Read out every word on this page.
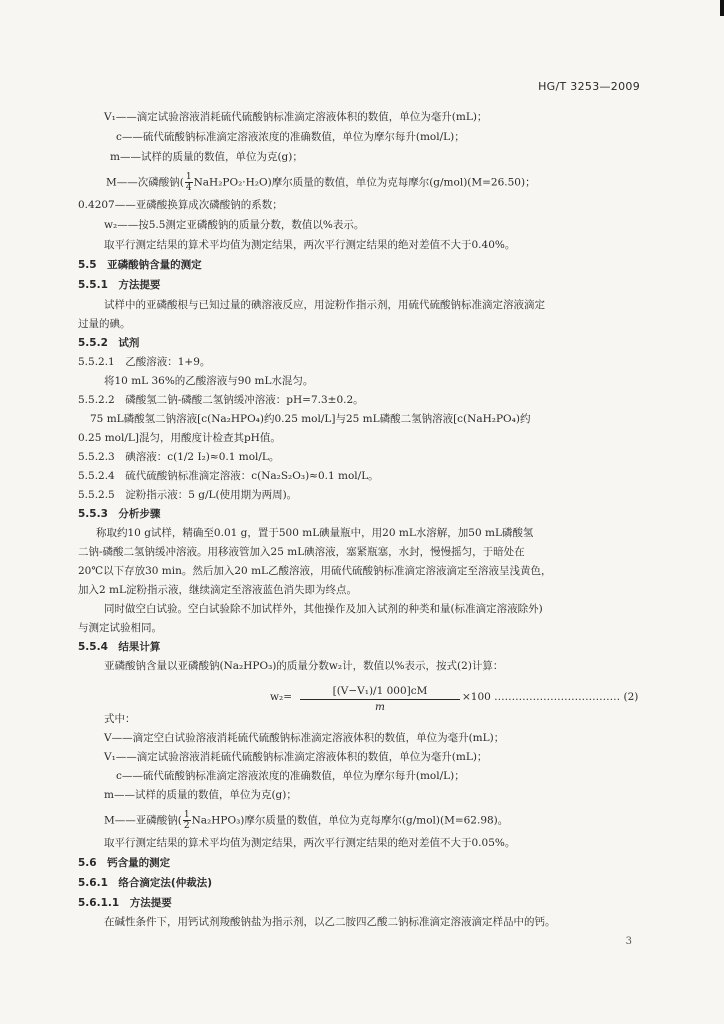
HG/T 3253—2009
V₁——滴定试验溶液消耗硫代硫酸钠标准滴定溶液体积的数值，单位为毫升(mL)；
c——硫代硫酸钠标准滴定溶液浓度的准确数值，单位为摩尔每升(mol/L)；
m——试样的质量的数值，单位为克(g)；
M——次磷酸钠( $\frac{1}{4} NaH_2PO_2\cdot H_2O$)摩尔质量的数值，单位为克每摩尔(g/mol)(M=26.50)；
0.4207——亚磷酸换算成次磷酸钠的系数；
w₂——按5.5测定亚磷酸钠的质量分数，数值以%表示。
取平行测定结果的算术平均值为测定结果，两次平行测定结果的绝对差值不大于0.40%。
5.5　亚磷酸钠含量的测定
5.5.1　方法提要
试样中的亚磷酸根与已知过量的碘溶液反应，用淀粉作指示剂，用硫代硫酸钠标准滴定溶液滴定
过量的碘。
5.5.2　试剂
5.5.2.1　乙酸溶液：1+9。
将10 mL 36%的乙酸溶液与90 mL水混匀。
5.5.2.2　磷酸氢二钠-磷酸二氢钠缓冲溶液：pH=7.3±0.2。
75 mL磷酸氢二钠溶液[c(Na₂HPO₄)约0.25 mol/L]与25 mL磷酸二氢钠溶液[c(NaH₂PO₄)约
0.25 mol/L]混匀，用酸度计检查其pH值。
5.5.2.3　碘溶液：c(1/2 I₂)≈0.1 mol/L。
5.5.2.4　硫代硫酸钠标准滴定溶液：c(Na₂S₂O₃)≈0.1 mol/L。
5.5.2.5　淀粉指示液：5 g/L(使用期为两周)。
5.5.3　分析步骤
称取约10 g试样，精确至0.01 g，置于500 mL碘量瓶中，用20 mL水溶解，加50 mL磷酸氢
二钠-磷酸二氢钠缓冲溶液。用移液管加入25 mL碘溶液，塞紧瓶塞，水封，慢慢摇匀，于暗处在
20℃以下存放30 min。然后加入20 mL乙酸溶液，用硫代硫酸钠标准滴定溶液滴定至溶液呈浅黄色，
加入2 mL淀粉指示液，继续滴定至溶液蓝色消失即为终点。
同时做空白试验。空白试验除不加试样外，其他操作及加入试剂的种类和量(标准滴定溶液除外)
与测定试验相同。
5.5.4　结果计算
亚磷酸钠含量以亚磷酸钠(Na₂HPO₃)的质量分数w₂计，数值以%表示，按式(2)计算：
$w_2= \frac{\text{[(V−V₁)/1 000]cM}}{m} \times 100$ ……………………………… (2)
式中：
V——滴定空白试验溶液消耗硫代硫酸钠标准滴定溶液体积的数值，单位为毫升(mL)；
V₁——滴定试验溶液消耗硫代硫酸钠标准滴定溶液体积的数值，单位为毫升(mL)；
c——硫代硫酸钠标准滴定溶液浓度的准确数值，单位为摩尔每升(mol/L)；
m——试样的质量的数值，单位为克(g)；
M——亚磷酸钠( $\frac{1}{2} Na_2HPO_3$)摩尔质量的数值，单位为克每摩尔(g/mol)(M=62.98)。
取平行测定结果的算术平均值为测定结果，两次平行测定结果的绝对差值不大于0.05%。
5.6　钙含量的测定
5.6.1　络合滴定法(仲裁法)
5.6.1.1　方法提要
在碱性条件下，用钙试剂羧酸钠盐为指示剂，以乙二胺四乙酸二钠标准滴定溶液滴定样品中的钙。
3
